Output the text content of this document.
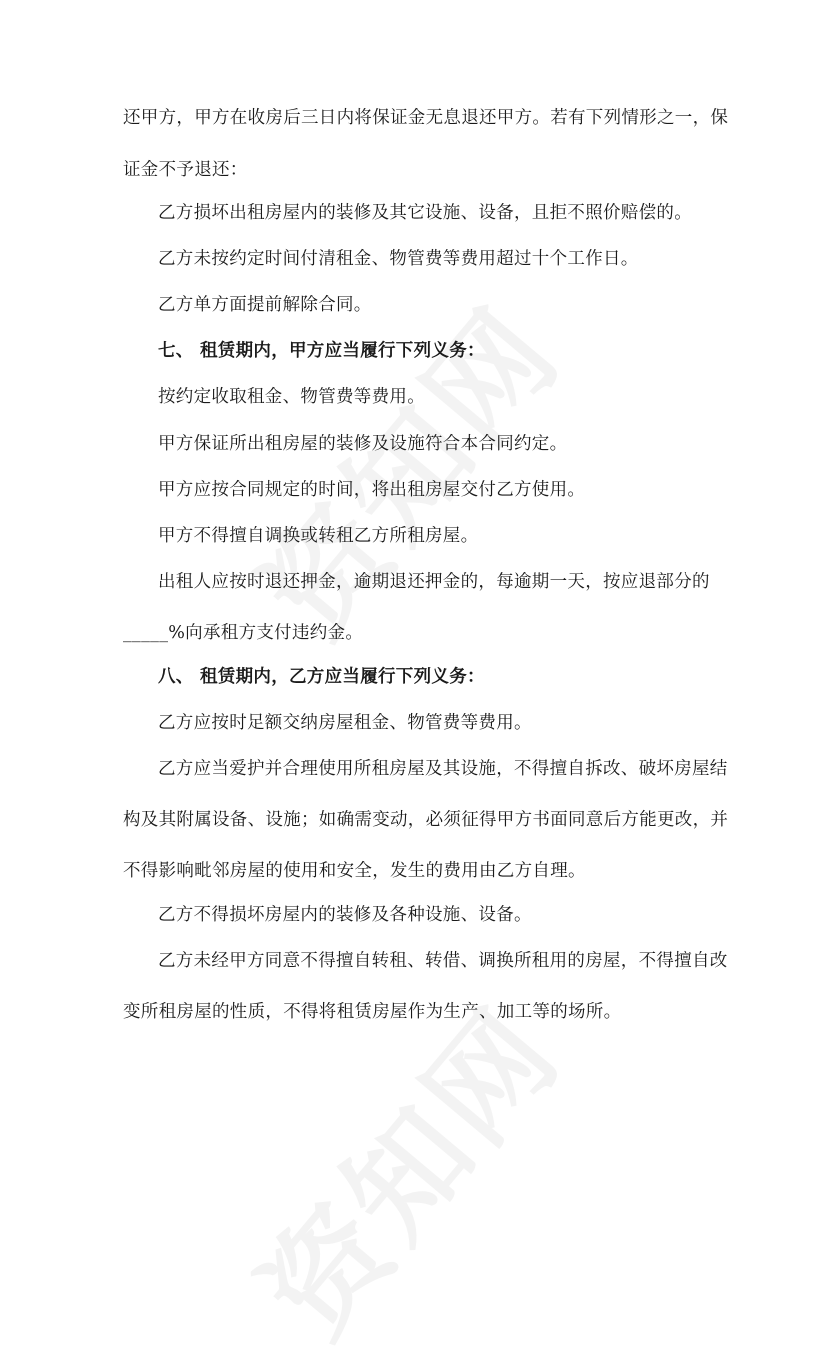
还甲方，甲方在收房后三日内将保证金无息退还甲方。若有下列情形之一，保
证金不予退还：
乙方损坏出租房屋内的装修及其它设施、设备，且拒不照价赔偿的。
乙方未按约定时间付清租金、物管费等费用超过十个工作日。
乙方单方面提前解除合同。
七、 租赁期内，甲方应当履行下列义务：
按约定收取租金、物管费等费用。
甲方保证所出租房屋的装修及设施符合本合同约定。
甲方应按合同规定的时间，将出租房屋交付乙方使用。
甲方不得擅自调换或转租乙方所租房屋。
出租人应按时退还押金，逾期退还押金的，每逾期一天，按应退部分的
_____%向承租方支付违约金。
八、 租赁期内，乙方应当履行下列义务：
乙方应按时足额交纳房屋租金、物管费等费用。
乙方应当爱护并合理使用所租房屋及其设施，不得擅自拆改、破坏房屋结
构及其附属设备、设施；如确需变动，必须征得甲方书面同意后方能更改，并
不得影响毗邻房屋的使用和安全，发生的费用由乙方自理。
乙方不得损坏房屋内的装修及各种设施、设备。
乙方未经甲方同意不得擅自转租、转借、调换所租用的房屋，不得擅自改
变所租房屋的性质，不得将租赁房屋作为生产、加工等的场所。
